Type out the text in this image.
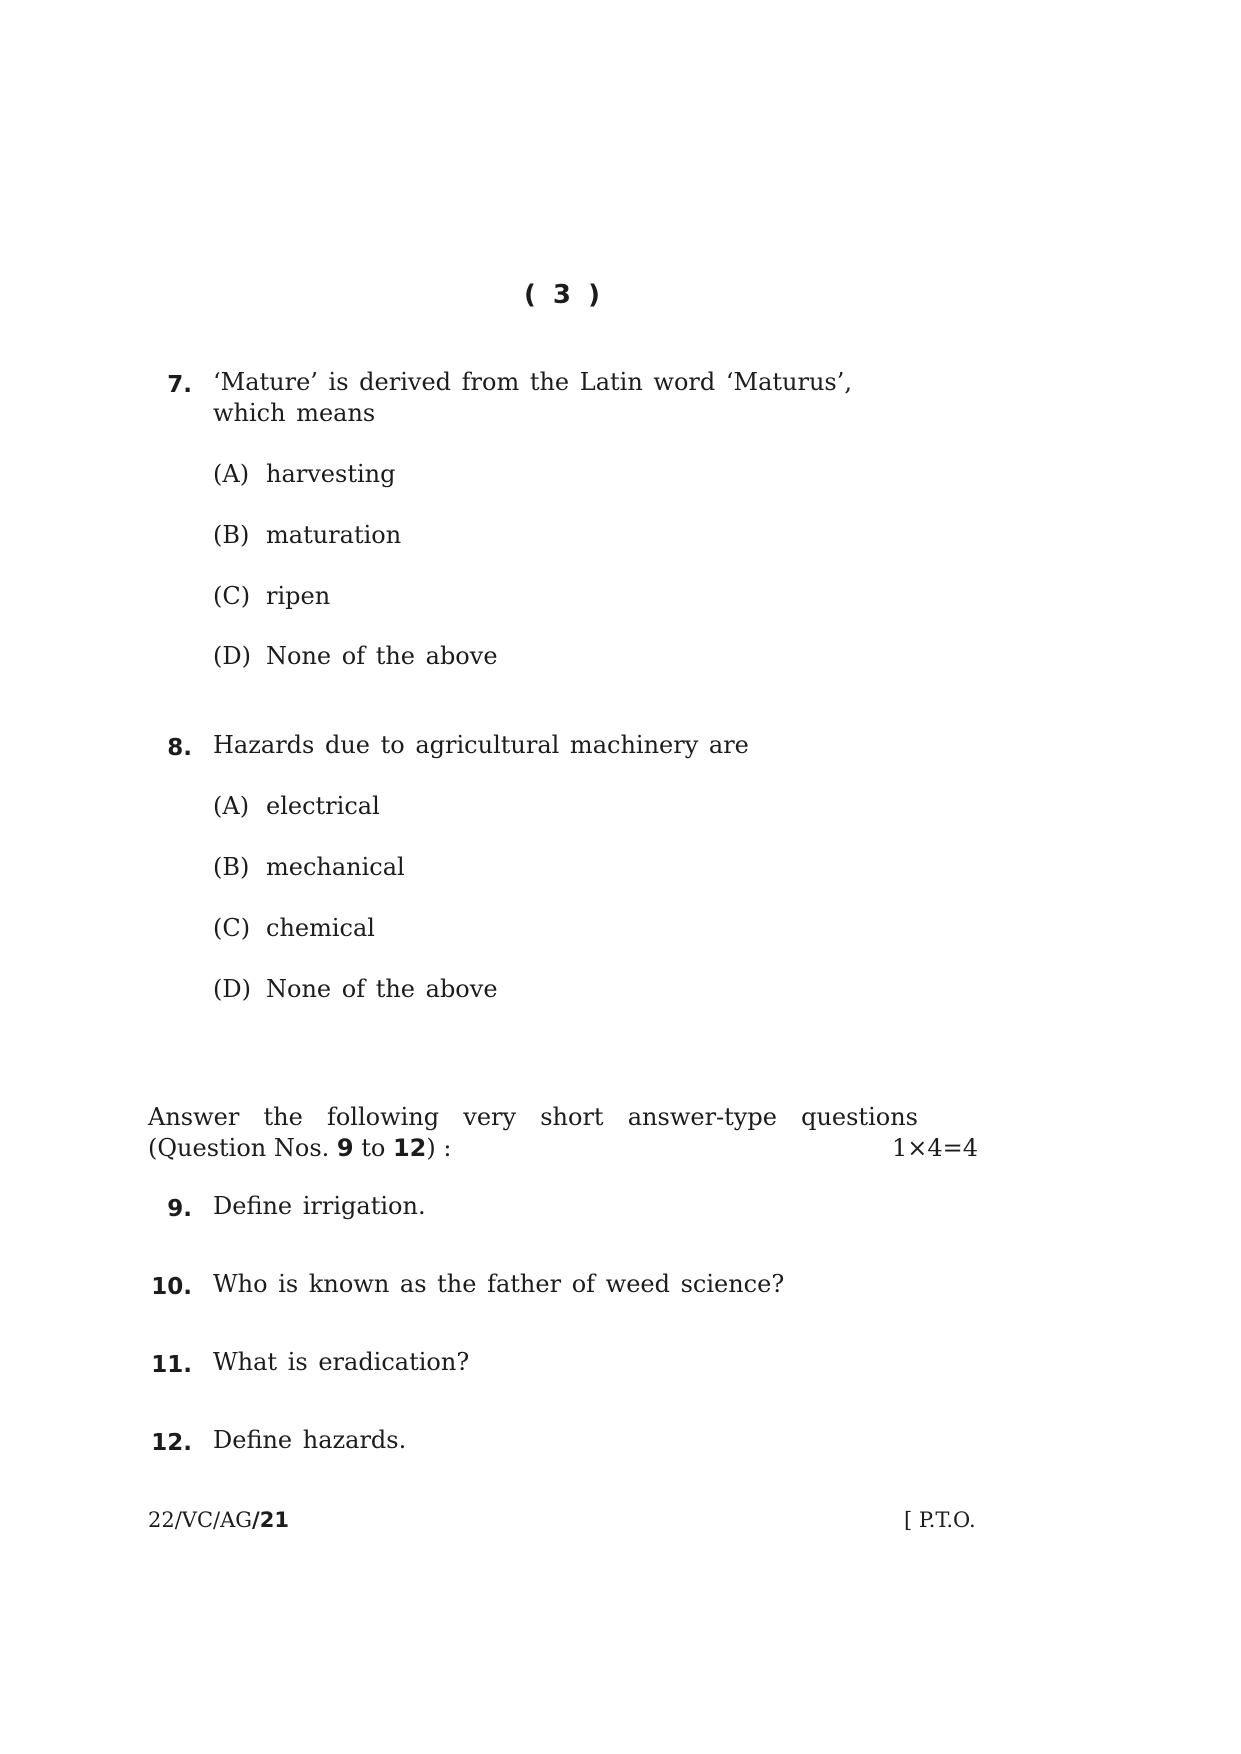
( 3 )
7. ‘Mature’ is derived from the Latin word ‘Maturus’, which means
(A) harvesting
(B) maturation
(C) ripen
(D) None of the above
8. Hazards due to agricultural machinery are
(A) electrical
(B) mechanical
(C) chemical
(D) None of the above
Answer the following very short answer-type questions
(Question Nos. 9 to 12) :	1×4=4
9. Define irrigation.
10. Who is known as the father of weed science?
11. What is eradication?
12. Define hazards.
22/VC/AG/21	[ P.T.O.
